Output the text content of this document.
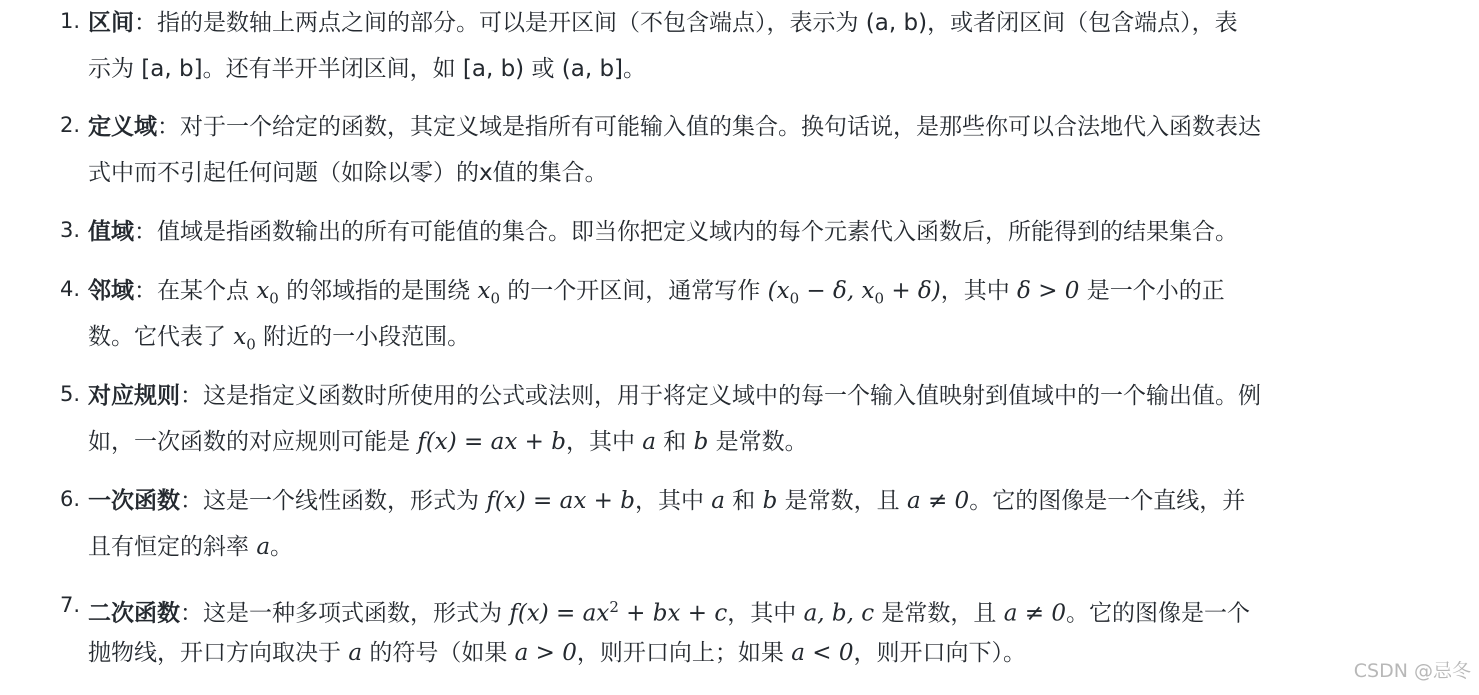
1. 区间：指的是数轴上两点之间的部分。可以是开区间（不包含端点），表示为 (a, b)，或者闭区间（包含端点），表
示为 [a, b]。还有半开半闭区间，如 [a, b) 或 (a, b]。
2. 定义域：对于一个给定的函数，其定义域是指所有可能输入值的集合。换句话说，是那些你可以合法地代入函数表达
式中而不引起任何问题（如除以零）的x值的集合。
3. 值域：值域是指函数输出的所有可能值的集合。即当你把定义域内的每个元素代入函数后，所能得到的结果集合。
4. 邻域：在某个点 $x_0$ 的邻域指的是围绕 $x_0$ 的一个开区间，通常写作 ($x_0 - \delta$, $x_0 + \delta$)，其中 δ > 0 是一个小的正
数。它代表了 $x_0$ 附近的一小段范围。
5. 对应规则：这是指定义函数时所使用的公式或法则，用于将定义域中的每一个输入值映射到值域中的一个输出值。例
如，一次函数的对应规则可能是 f(x) = ax + b，其中 a 和 b 是常数。
6. 一次函数：这是一个线性函数，形式为 f(x) = ax + b，其中 a 和 b 是常数，且 a ≠ 0。它的图像是一个直线，并
且有恒定的斜率 a。
7. 二次函数：这是一种多项式函数，形式为 $f(x) = ax^2$ + bx + c，其中 a, b, c 是常数，且 a ≠ 0。它的图像是一个
抛物线，开口方向取决于 a 的符号（如果 a > 0，则开口向上；如果 a < 0，则开口向下）。
CSDN @忌冬
